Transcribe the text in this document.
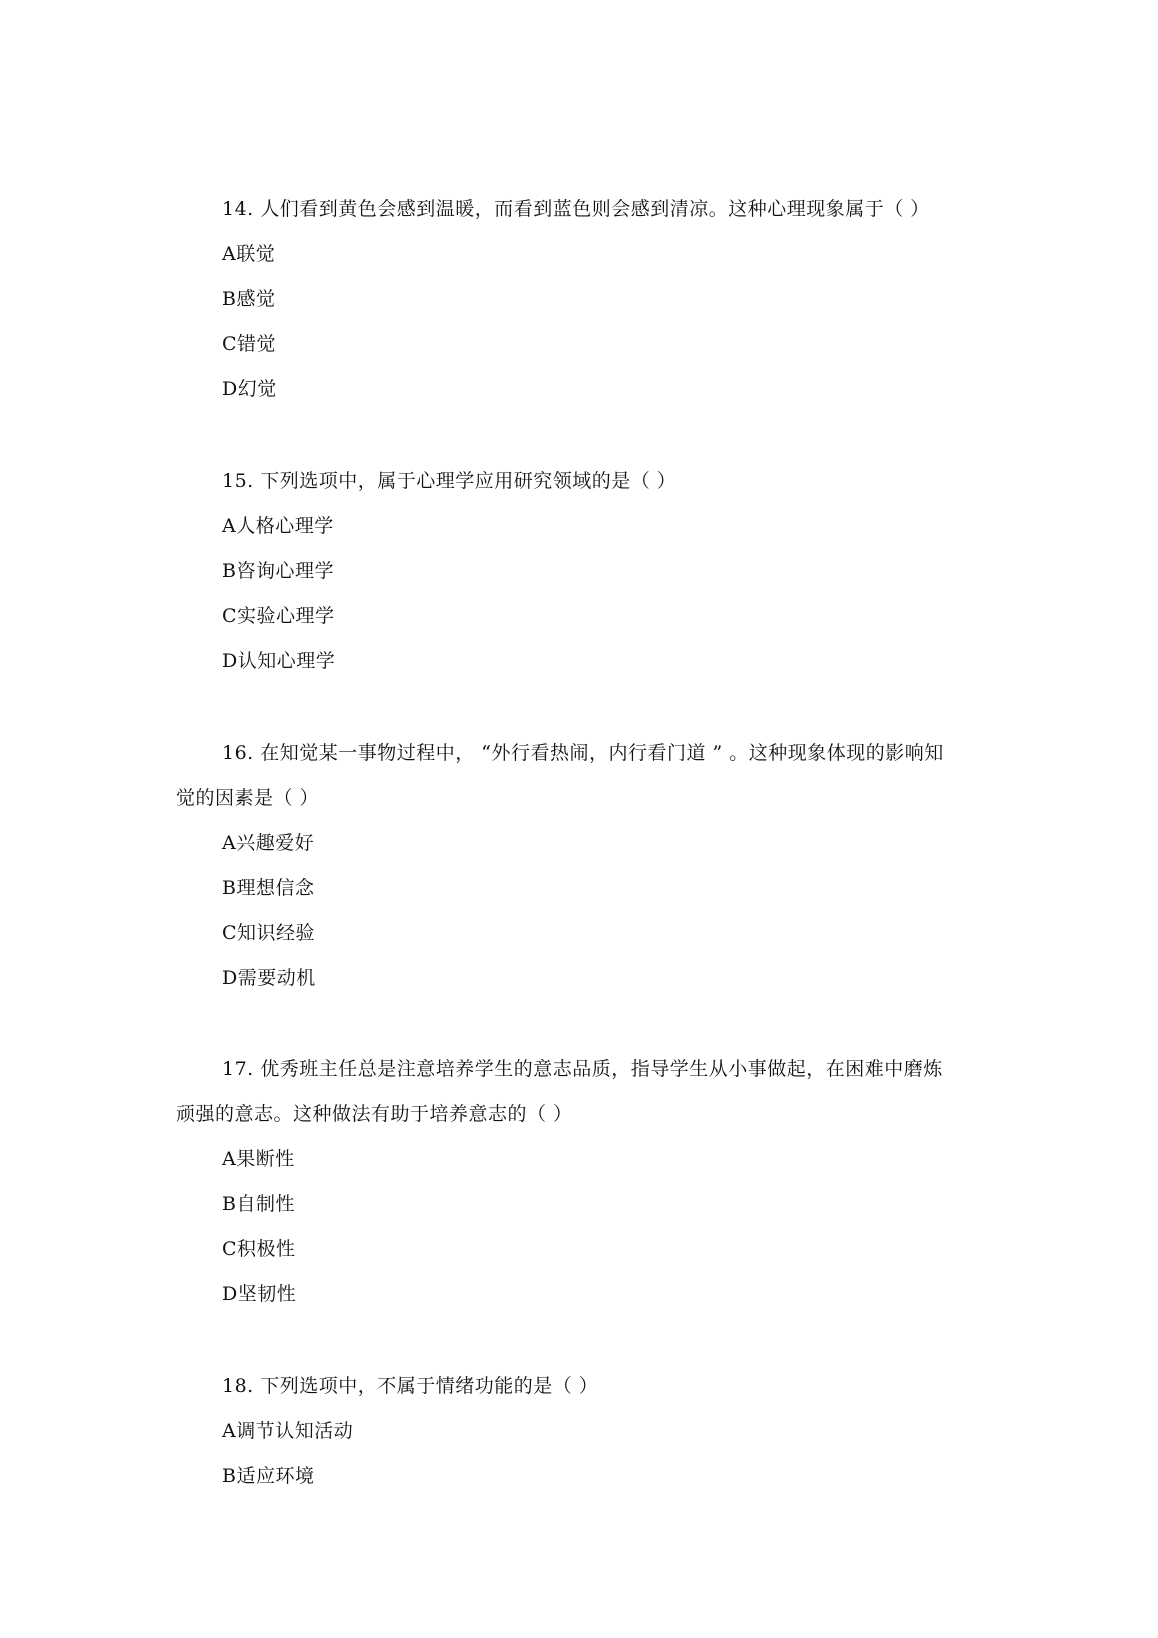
14. 人们看到黄色会感到温暖，而看到蓝色则会感到清凉。这种心理现象属于（ ）
A联觉
B感觉
C错觉
D幻觉
15. 下列选项中，属于心理学应用研究领域的是（ ）
A人格心理学
B咨询心理学
C实验心理学
D认知心理学
16. 在知觉某一事物过程中， “外行看热闹，内行看门道 ” 。这种现象体现的影响知
觉的因素是（ ）
A兴趣爱好
B理想信念
C知识经验
D需要动机
17. 优秀班主任总是注意培养学生的意志品质，指导学生从小事做起，在困难中磨炼
顽强的意志。这种做法有助于培养意志的（ ）
A果断性
B自制性
C积极性
D坚韧性
18. 下列选项中，不属于情绪功能的是（ ）
A调节认知活动
B适应环境
